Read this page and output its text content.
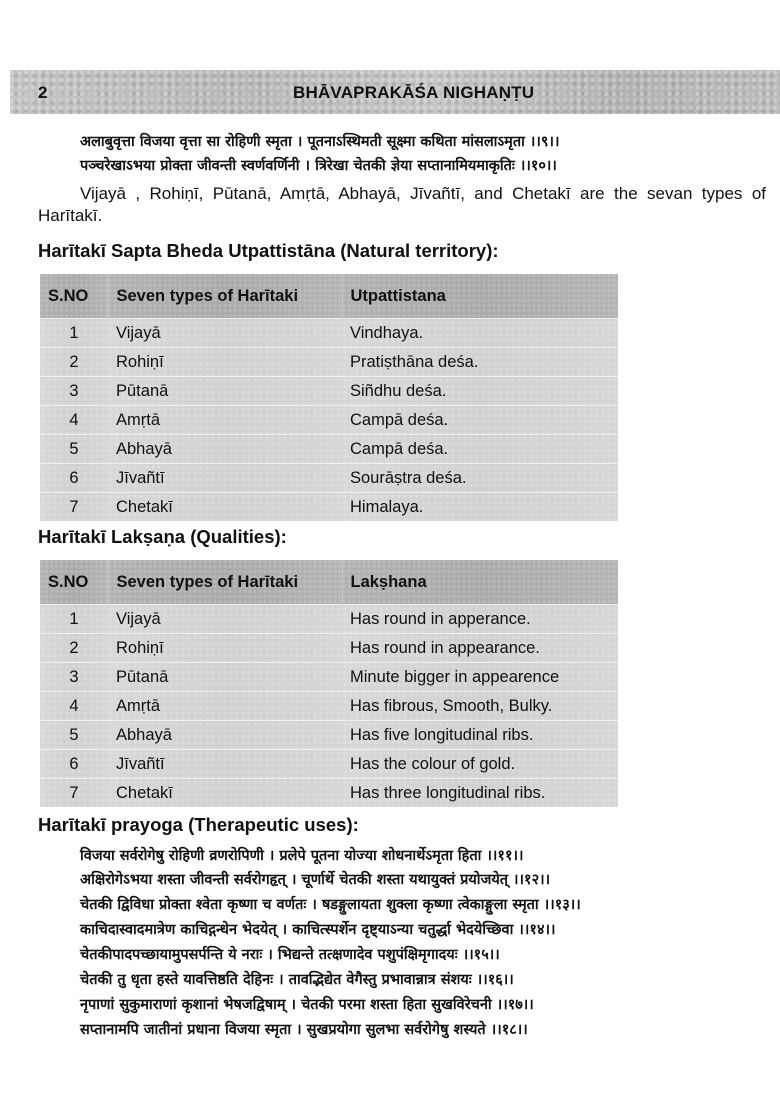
2	BHĀVAPRAKĀŚA NIGHAṆṬU
अलाबुवृत्ता विजया वृत्ता सा रोहिणी स्मृता । पूतनाऽस्थिमती सूक्ष्मा कथिता मांसलाऽमृता ।।९।।
पञ्चरेखाऽभया प्रोक्ता जीवन्ती स्वर्णवर्णिनी । त्रिरेखा चेतकी ज्ञेया सप्तानामियमाकृतिः ।।१०।।
Vijayā , Rohiṇī, Pūtanā, Amṛtā, Abhayā, Jīvañtī, and Chetakī are the sevan types of Harītakī.
Harītakī Sapta Bheda Utpattistāna (Natural territory):
S.NO	Seven types of Harītaki	Utpattistana
1	Vijayā	Vindhaya.
2	Rohiṇī	Pratiṣthāna deśa.
3	Pūtanā	Siñdhu deśa.
4	Amṛtā	Campā deśa.
5	Abhayā	Campā deśa.
6	Jīvañtī	Sourāṣtra deśa.
7	Chetakī	Himalaya.
Harītakī Lakṣaṇa (Qualities):
S.NO	Seven types of Harītaki	Lakṣhana
1	Vijayā	Has round in apperance.
2	Rohiṇī	Has round in appearance.
3	Pūtanā	Minute bigger in appearence
4	Amṛtā	Has fibrous, Smooth, Bulky.
5	Abhayā	Has five longitudinal ribs.
6	Jīvañtī	Has the colour of gold.
7	Chetakī	Has three longitudinal ribs.
Harītakī prayoga (Therapeutic uses):
विजया सर्वरोगेषु रोहिणी व्रणरोपिणी । प्रलेपे पूतना योज्या शोधनार्थेऽमृता हिता ।।११।।
अक्षिरोगेऽभया शस्ता जीवन्ती सर्वरोगहृत् । चूर्णार्थे चेतकी शस्ता यथायुक्तं प्रयोजयेत् ।।१२।।
चेतकी द्विविधा प्रोक्ता श्वेता कृष्णा च वर्णतः । षडङ्गुलायता शुक्ला कृष्णा त्वेकाङ्गुला स्मृता ।।१३।।
काचिदास्वादमात्रेण काचिद्गन्धेन भेदयेत् । काचित्स्पर्शेन दृष्ट्याऽन्या चतुर्द्धा भेदयेच्छिवा ।।१४।।
चेतकीपादपच्छायामुपसर्पन्ति ये नराः । भिद्यन्ते तत्क्षणादेव पशुपंक्षिमृगादयः ।।१५।।
चेतकी तु धृता हस्ते यावत्तिष्ठति देहिनः । तावद्भिद्येत वेगैस्तु प्रभावान्नात्र संशयः ।।१६।।
नृपाणां सुकुमाराणां कृशानां भेषजद्विषाम् । चेतकी परमा शस्ता हिता सुखविरेचनी ।।१७।।
सप्तानामपि जातीनां प्रधाना विजया स्मृता । सुखप्रयोगा सुलभा सर्वरोगेषु शस्यते ।।१८।।
